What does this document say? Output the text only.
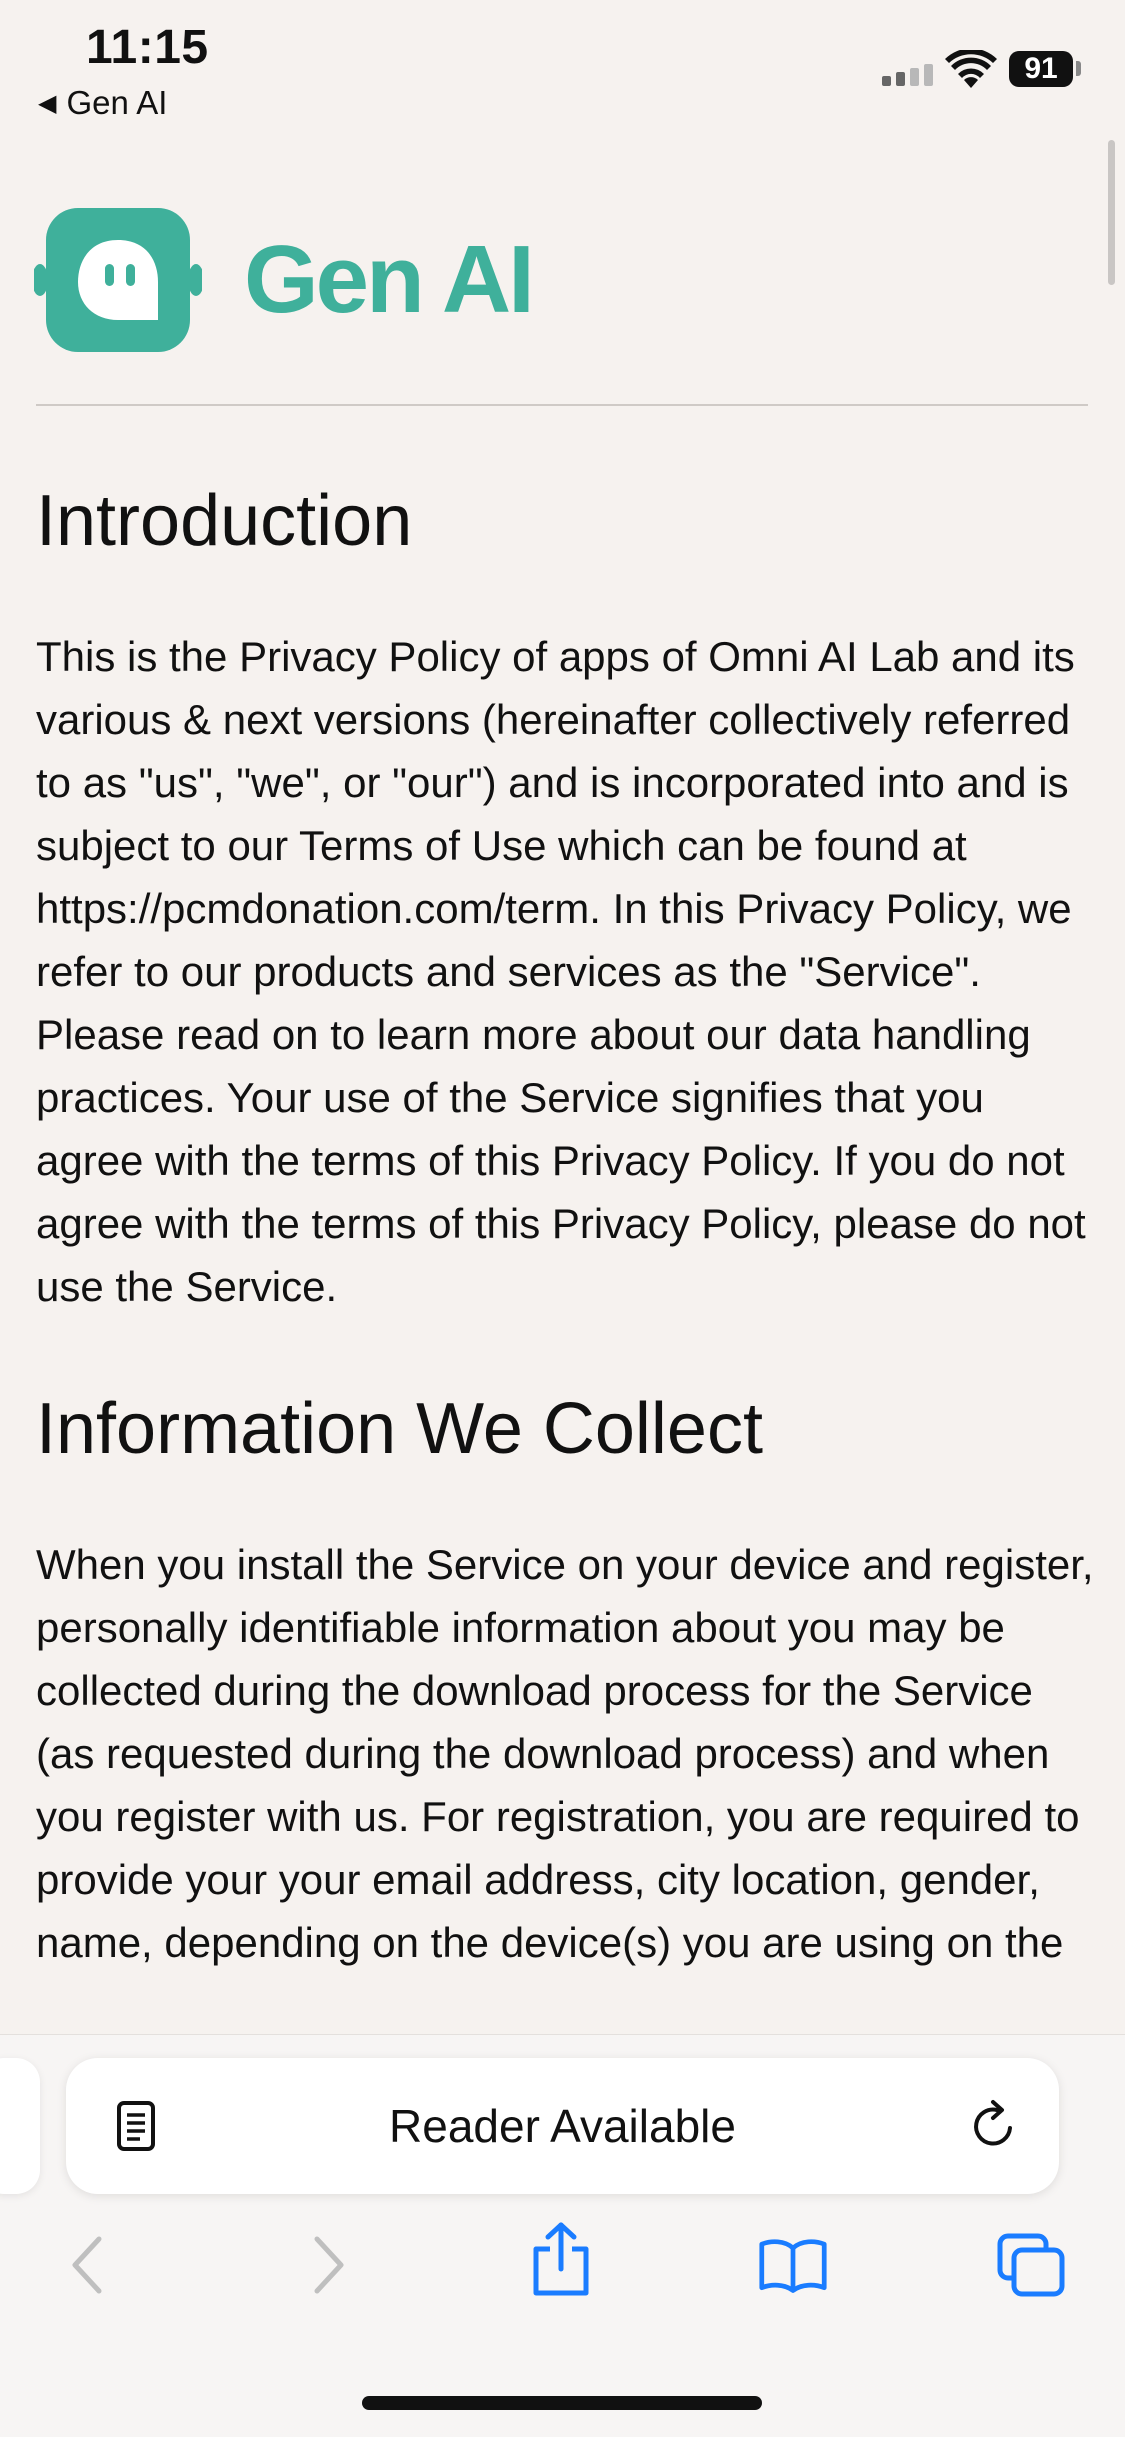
11:15
◀ Gen AI
91
Gen AI
Introduction

This is the Privacy Policy of apps of Omni AI Lab and its various & next versions (hereinafter collectively referred to as "us", "we", or "our") and is incorporated into and is subject to our Terms of Use which can be found at https://pcmdonation.com/term. In this Privacy Policy, we refer to our products and services as the "Service". Please read on to learn more about our data handling practices. Your use of the Service signifies that you agree with the terms of this Privacy Policy. If you do not agree with the terms of this Privacy Policy, please do not use the Service.

Information We Collect

When you install the Service on your device and register, personally identifiable information about you may be collected during the download process for the Service (as requested during the download process) and when you register with us. For registration, you are required to provide your your email address, city location, gender, name, depending on the device(s) you are using on the

Reader Available
